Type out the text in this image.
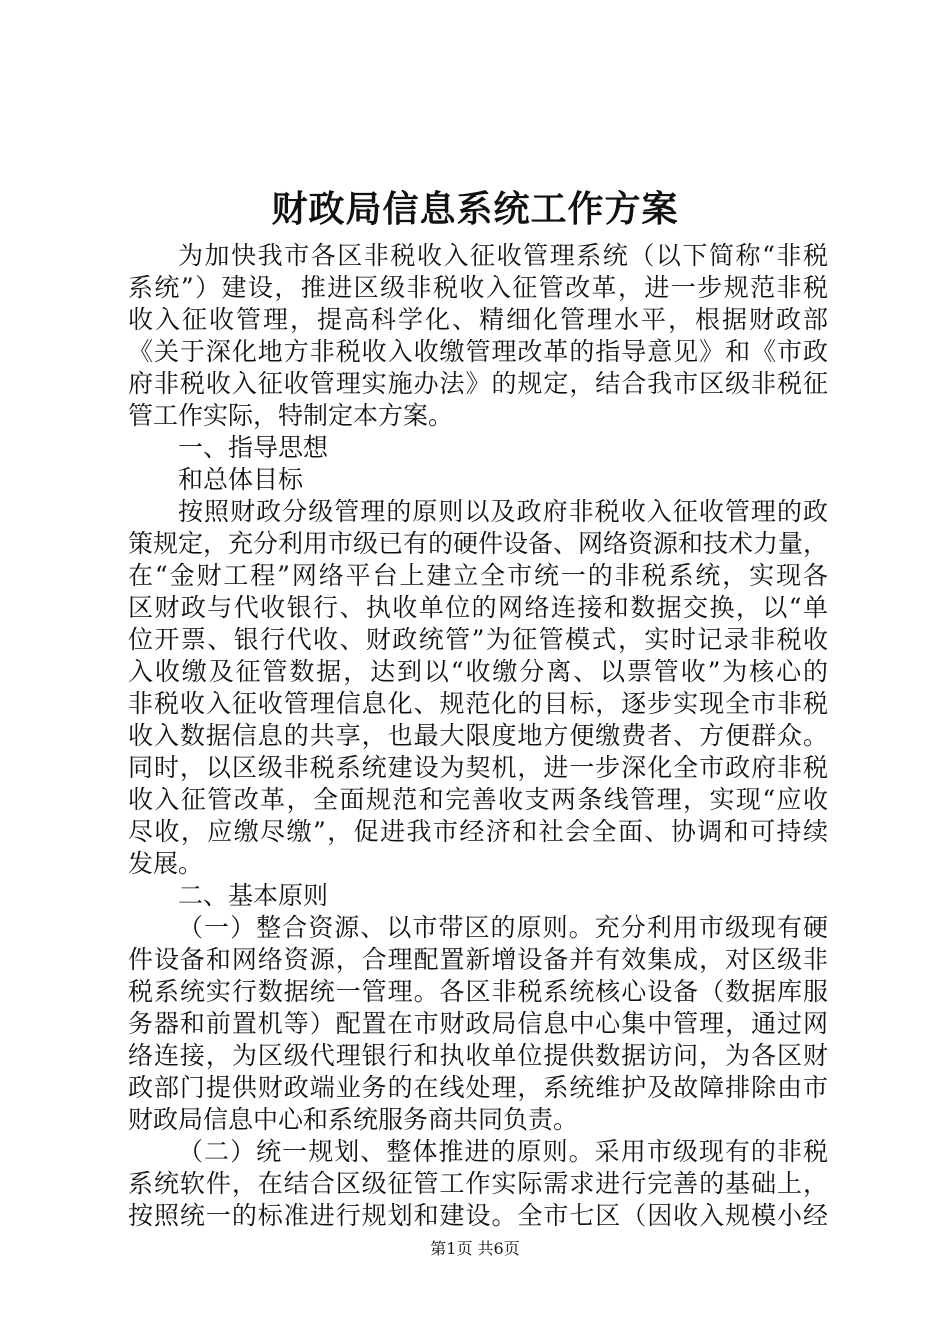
财政局信息系统工作方案
为加快我市各区非税收入征收管理系统（以下简称“非税
系统”）建设，推进区级非税收入征管改革，进一步规范非税
收入征收管理，提高科学化、精细化管理水平，根据财政部
《关于深化地方非税收入收缴管理改革的指导意见》和《市政
府非税收入征收管理实施办法》的规定，结合我市区级非税征
管工作实际，特制定本方案。
一、指导思想
和总体目标
按照财政分级管理的原则以及政府非税收入征收管理的政
策规定，充分利用市级已有的硬件设备、网络资源和技术力量，
在“金财工程”网络平台上建立全市统一的非税系统，实现各
区财政与代收银行、执收单位的网络连接和数据交换，以“单
位开票、银行代收、财政统管”为征管模式，实时记录非税收
入收缴及征管数据，达到以“收缴分离、以票管收”为核心的
非税收入征收管理信息化、规范化的目标，逐步实现全市非税
收入数据信息的共享，也最大限度地方便缴费者、方便群众。
同时，以区级非税系统建设为契机，进一步深化全市政府非税
收入征管改革，全面规范和完善收支两条线管理，实现“应收
尽收，应缴尽缴”，促进我市经济和社会全面、协调和可持续
发展。
二、基本原则
（一）整合资源、以市带区的原则。充分利用市级现有硬
件设备和网络资源，合理配置新增设备并有效集成，对区级非
税系统实行数据统一管理。各区非税系统核心设备（数据库服
务器和前置机等）配置在市财政局信息中心集中管理，通过网
络连接，为区级代理银行和执收单位提供数据访问，为各区财
政部门提供财政端业务的在线处理，系统维护及故障排除由市
财政局信息中心和系统服务商共同负责。
（二）统一规划、整体推进的原则。采用市级现有的非税
系统软件，在结合区级征管工作实际需求进行完善的基础上，
按照统一的标准进行规划和建设。全市七区（因收入规模小经
第1页 共6页
